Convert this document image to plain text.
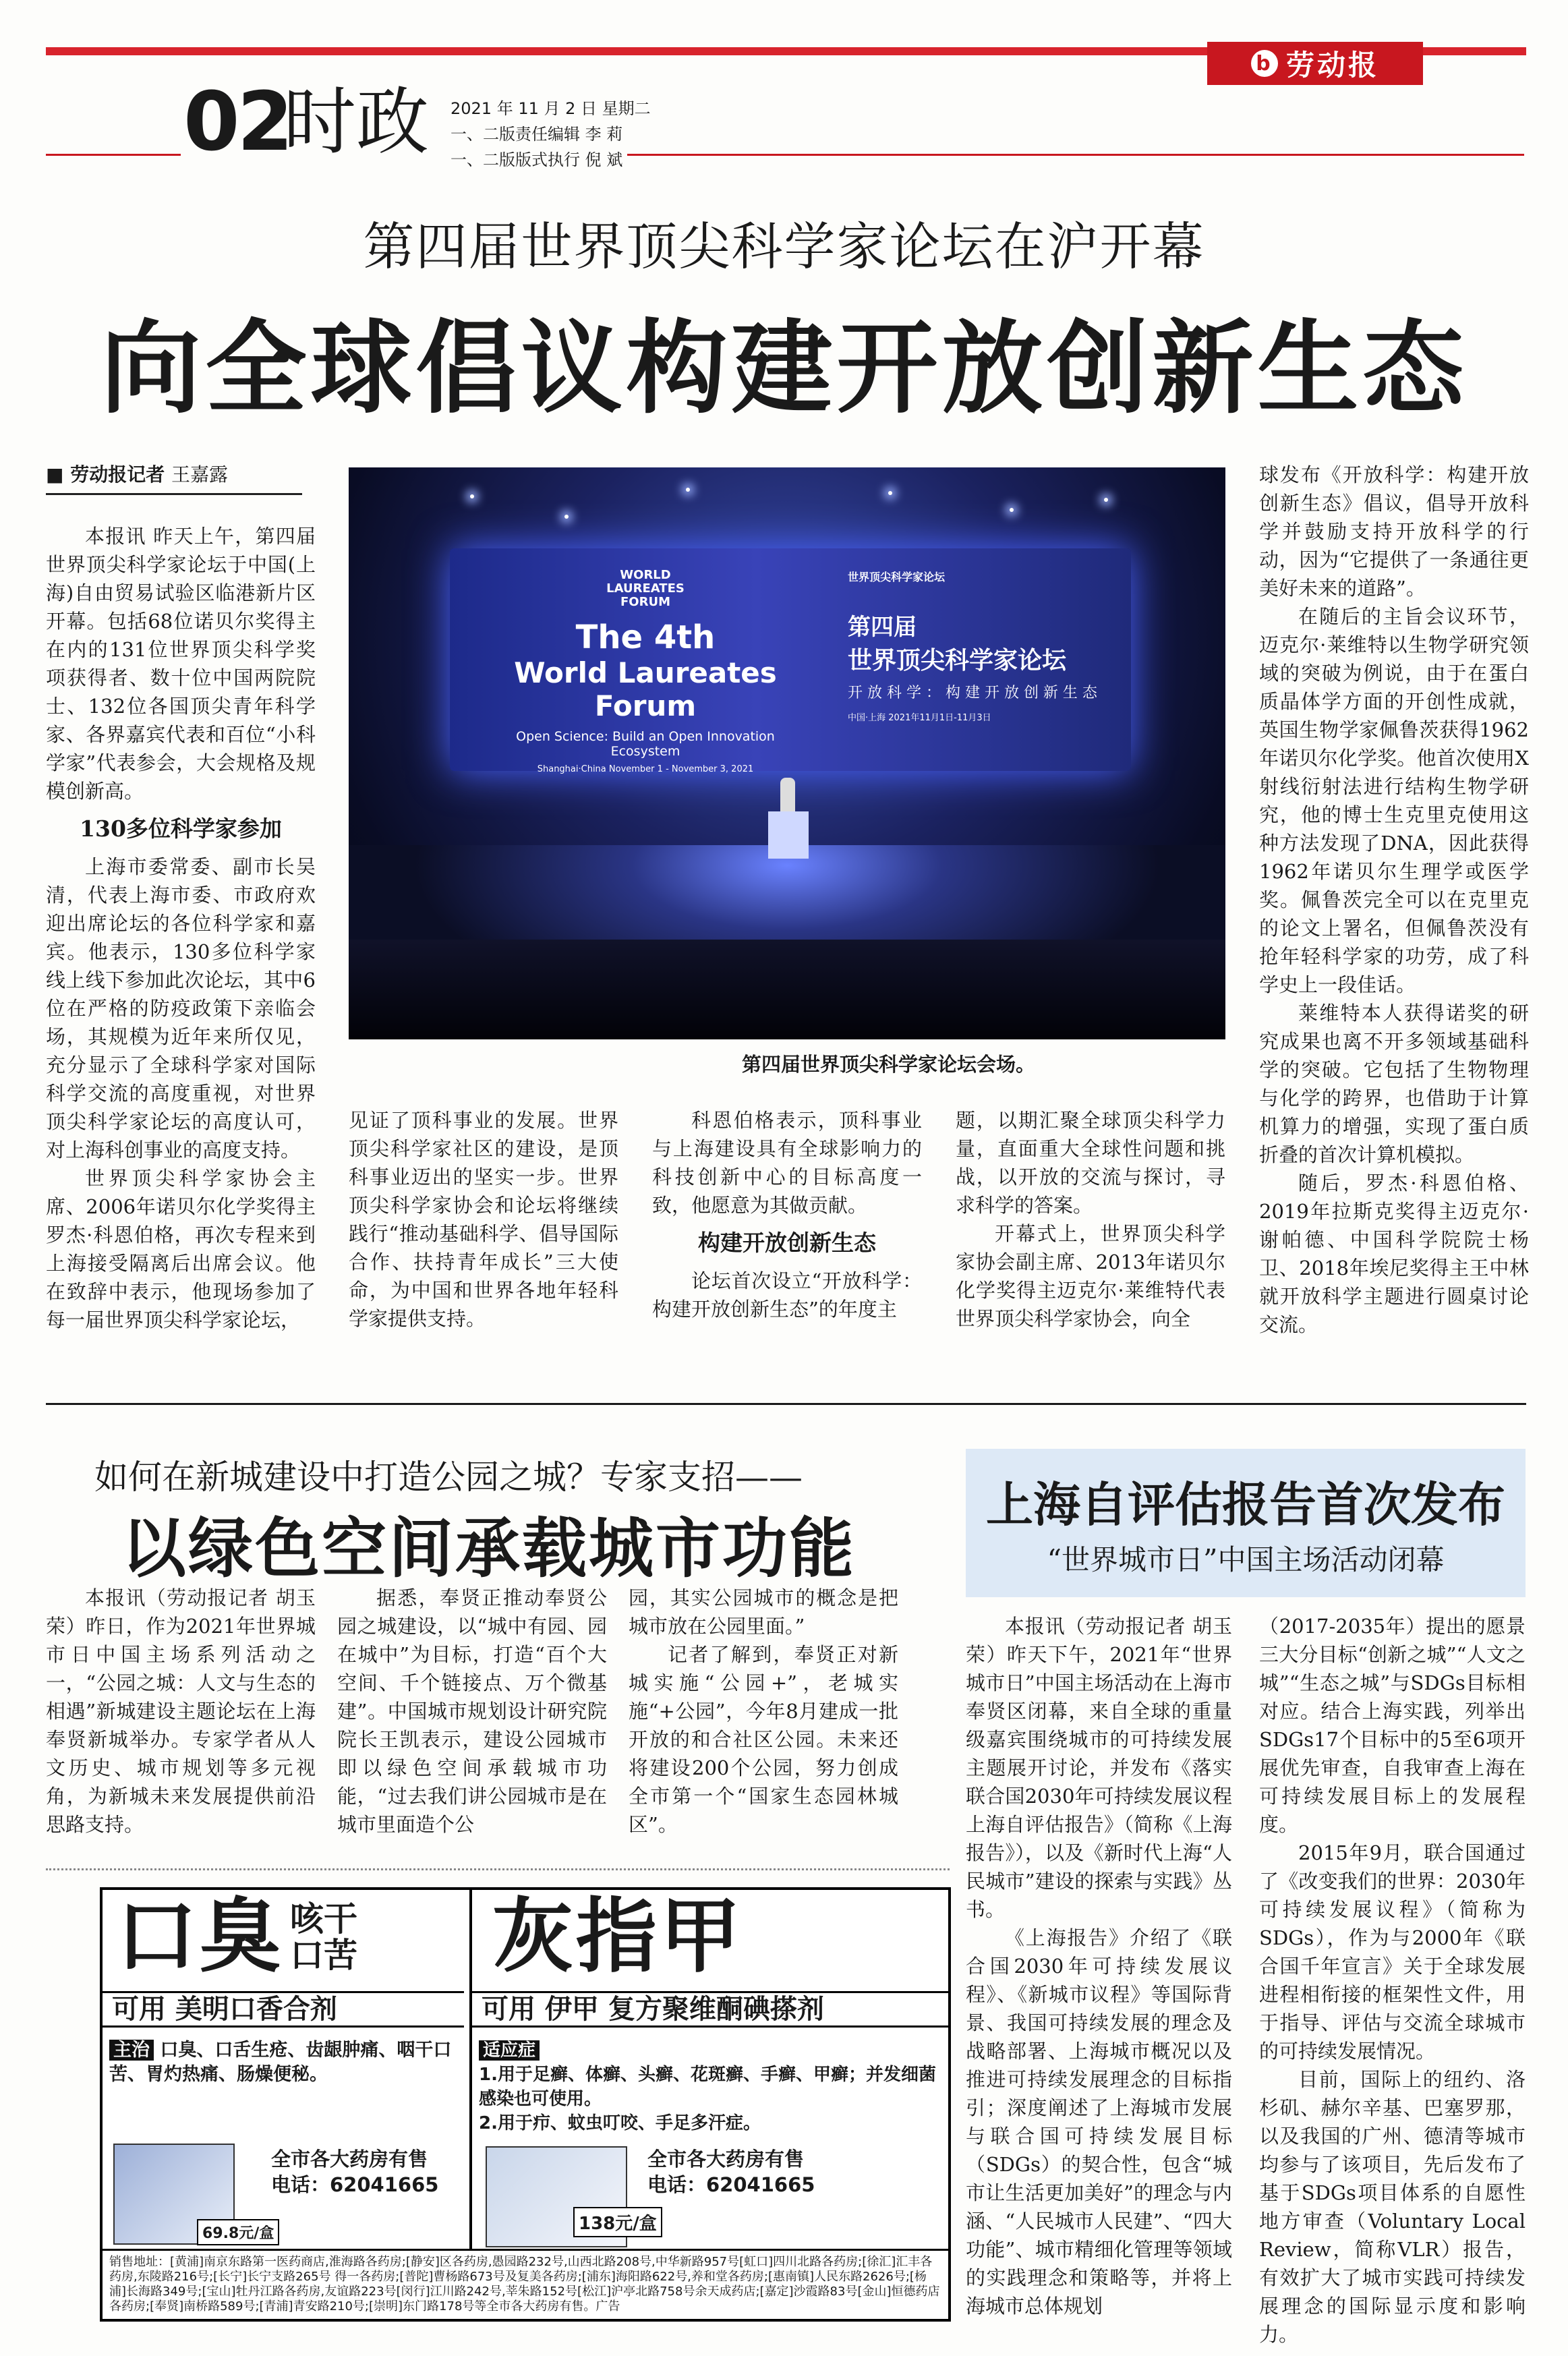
b 劳动报
02
时政 2021 年 11 月 2 日 星期二
一、二版责任编辑 李 莉
一、二版版式执行 倪 斌
第四届世界顶尖科学家论坛在沪开幕
向全球倡议构建开放创新生态
■ 劳动报记者 王嘉露

本报讯 昨天上午，第四届世界顶尖科学家论坛于中国(上海)自由贸易试验区临港新片区开幕。包括68位诺贝尔奖得主在内的131位世界顶尖科学奖项获得者、数十位中国两院院士、132位各国顶尖青年科学家、各界嘉宾代表和百位“小科学家”代表参会，大会规格及规模创新高。

130多位科学家参加

上海市委常委、副市长吴清，代表上海市委、市政府欢迎出席论坛的各位科学家和嘉宾。他表示，130多位科学家线上线下参加此次论坛，其中6位在严格的防疫政策下亲临会场，其规模为近年来所仅见，充分显示了全球科学家对国际科学交流的高度重视，对世界顶尖科学家论坛的高度认可，对上海科创事业的高度支持。

世界顶尖科学家协会主席、2006年诺贝尔化学奖得主罗杰·科恩伯格，再次专程来到上海接受隔离后出席会议。他在致辞中表示，他现场参加了每一届世界顶尖科学家论坛，

WORLD
LAUREATES
FORUM
The 4th
World Laureates Forum
Open Science: Build an Open Innovation Ecosystem
Shanghai·China November 1 - November 3, 2021
世界顶尖科学家论坛
第四届
世界顶尖科学家论坛
开 放 科 学 ： 构 建 开 放 创 新 生 态
中国·上海 2021年11月1日-11月3日
第四届世界顶尖科学家论坛会场。

见证了顶科事业的发展。世界顶尖科学家社区的建设，是顶科事业迈出的坚实一步。世界顶尖科学家协会和论坛将继续践行“推动基础科学、倡导国际合作、扶持青年成长”三大使命，为中国和世界各地年轻科学家提供支持。

科恩伯格表示，顶科事业与上海建设具有全球影响力的科技创新中心的目标高度一致，他愿意为其做贡献。

构建开放创新生态

论坛首次设立“开放科学：构建开放创新生态”的年度主

题，以期汇聚全球顶尖科学力量，直面重大全球性问题和挑战，以开放的交流与探讨，寻求科学的答案。

开幕式上，世界顶尖科学家协会副主席、2013年诺贝尔化学奖得主迈克尔·莱维特代表世界顶尖科学家协会，向全

球发布《开放科学：构建开放创新生态》倡议，倡导开放科学并鼓励支持开放科学的行动，因为“它提供了一条通往更美好未来的道路”。

在随后的主旨会议环节，迈克尔·莱维特以生物学研究领域的突破为例说，由于在蛋白质晶体学方面的开创性成就，英国生物学家佩鲁茨获得1962年诺贝尔化学奖。他首次使用X射线衍射法进行结构生物学研究，他的博士生克里克使用这种方法发现了DNA，因此获得1962年诺贝尔生理学或医学奖。佩鲁茨完全可以在克里克的论文上署名，但佩鲁茨没有抢年轻科学家的功劳，成了科学史上一段佳话。

莱维特本人获得诺奖的研究成果也离不开多领域基础科学的突破。它包括了生物物理与化学的跨界，也借助于计算机算力的增强，实现了蛋白质折叠的首次计算机模拟。

随后，罗杰·科恩伯格、2019年拉斯克奖得主迈克尔·谢帕德、中国科学院院士杨卫、2018年埃尼奖得主王中林就开放科学主题进行圆桌讨论交流。

如何在新城建设中打造公园之城？专家支招——
以绿色空间承载城市功能

本报讯（劳动报记者 胡玉荣）昨日，作为2021年世界城市日中国主场系列活动之一，“公园之城：人文与生态的相遇”新城建设主题论坛在上海奉贤新城举办。专家学者从人文历史、城市规划等多元视角，为新城未来发展提供前沿思路支持。

据悉，奉贤正推动奉贤公园之城建设，以“城中有园、园在城中”为目标，打造“百个大空间、千个链接点、万个微基建”。中国城市规划设计研究院院长王凯表示，建设公园城市即以绿色空间承载城市功能，“过去我们讲公园城市是在城市里面造个公

园，其实公园城市的概念是把城市放在公园里面。”

记者了解到，奉贤正对新城实施“公园+”，老城实施“+公园”，今年8月建成一批开放的和合社区公园。未来还将建设200个公园，努力创成全市第一个“国家生态园林城区”。

上海自评估报告首次发布
“世界城市日”中国主场活动闭幕

本报讯（劳动报记者 胡玉荣）昨天下午，2021年“世界城市日”中国主场活动在上海市奉贤区闭幕，来自全球的重量级嘉宾围绕城市的可持续发展主题展开讨论，并发布《落实联合国2030年可持续发展议程上海自评估报告》（简称《上海报告》），以及《新时代上海“人民城市”建设的探索与实践》丛书。

《上海报告》介绍了《联合国2030年可持续发展议程》、《新城市议程》等国际背景、我国可持续发展的理念及战略部署、上海城市概况以及推进可持续发展理念的目标指引；深度阐述了上海城市发展与联合国可持续发展目标（SDGs）的契合性，包含“城市让生活更加美好”的理念与内涵、“人民城市人民建”、“四大功能”、城市精细化管理等领域的实践理念和策略等，并将上海城市总体规划

（2017-2035年）提出的愿景三大分目标“创新之城”“人文之城”“生态之城”与SDGs目标相对应。结合上海实践，列举出SDGs17个目标中的5至6项开展优先审查，自我审查上海在可持续发展目标上的发展程度。

2015年9月，联合国通过了《改变我们的世界：2030年可持续发展议程》（简称为SDGs），作为与2000年《联合国千年宣言》关于全球发展进程相衔接的框架性文件，用于指导、评估与交流全球城市的可持续发展情况。

目前，国际上的纽约、洛杉矶、赫尔辛基、巴塞罗那，以及我国的广州、德清等城市均参与了该项目，先后发布了基于SDGs项目体系的自愿性地方审查（Voluntary Local Review，简称VLR）报告，有效扩大了城市实践可持续发展理念的国际显示度和影响力。

口臭 咳干
口苦
可用 美明口香合剂
主治 口臭、口舌生疮、齿龈肿痛、咽干口苦、胃灼热痛、肠燥便秘。
69.8元/盒
全市各大药房有售
电话：62041665
灰指甲
可用 伊甲 复方聚维酮碘搽剂
适应症
1.用于足癣、体癣、头癣、花斑癣、手癣、甲癣；并发细菌感染也可使用。
2.用于疖、蚊虫叮咬、手足多汗症。
138元/盒
全市各大药房有售
电话：62041665
销售地址：[黄浦]南京东路第一医药商店,淮海路各药房;[静安]区各药房,愚园路232号,山西北路208号,中华新路957号[虹口]四川北路各药房;[徐汇]汇丰各药房,东陵路216号;[长宁]长宁支路265号 得一各药房;[普陀]曹杨路673号及复美各药房;[浦东]海阳路622号,养和堂各药房;[惠南镇]人民东路2626号;[杨浦]长海路349号;[宝山]牡丹江路各药房,友谊路223号[闵行]江川路242号,莘朱路152号[松江]沪亭北路758号余天成药店;[嘉定]沙霞路83号[金山]恒德药店各药房;[奉贤]南桥路589号;[青浦]青安路210号;[崇明]东门路178号等全市各大药房有售。广告
